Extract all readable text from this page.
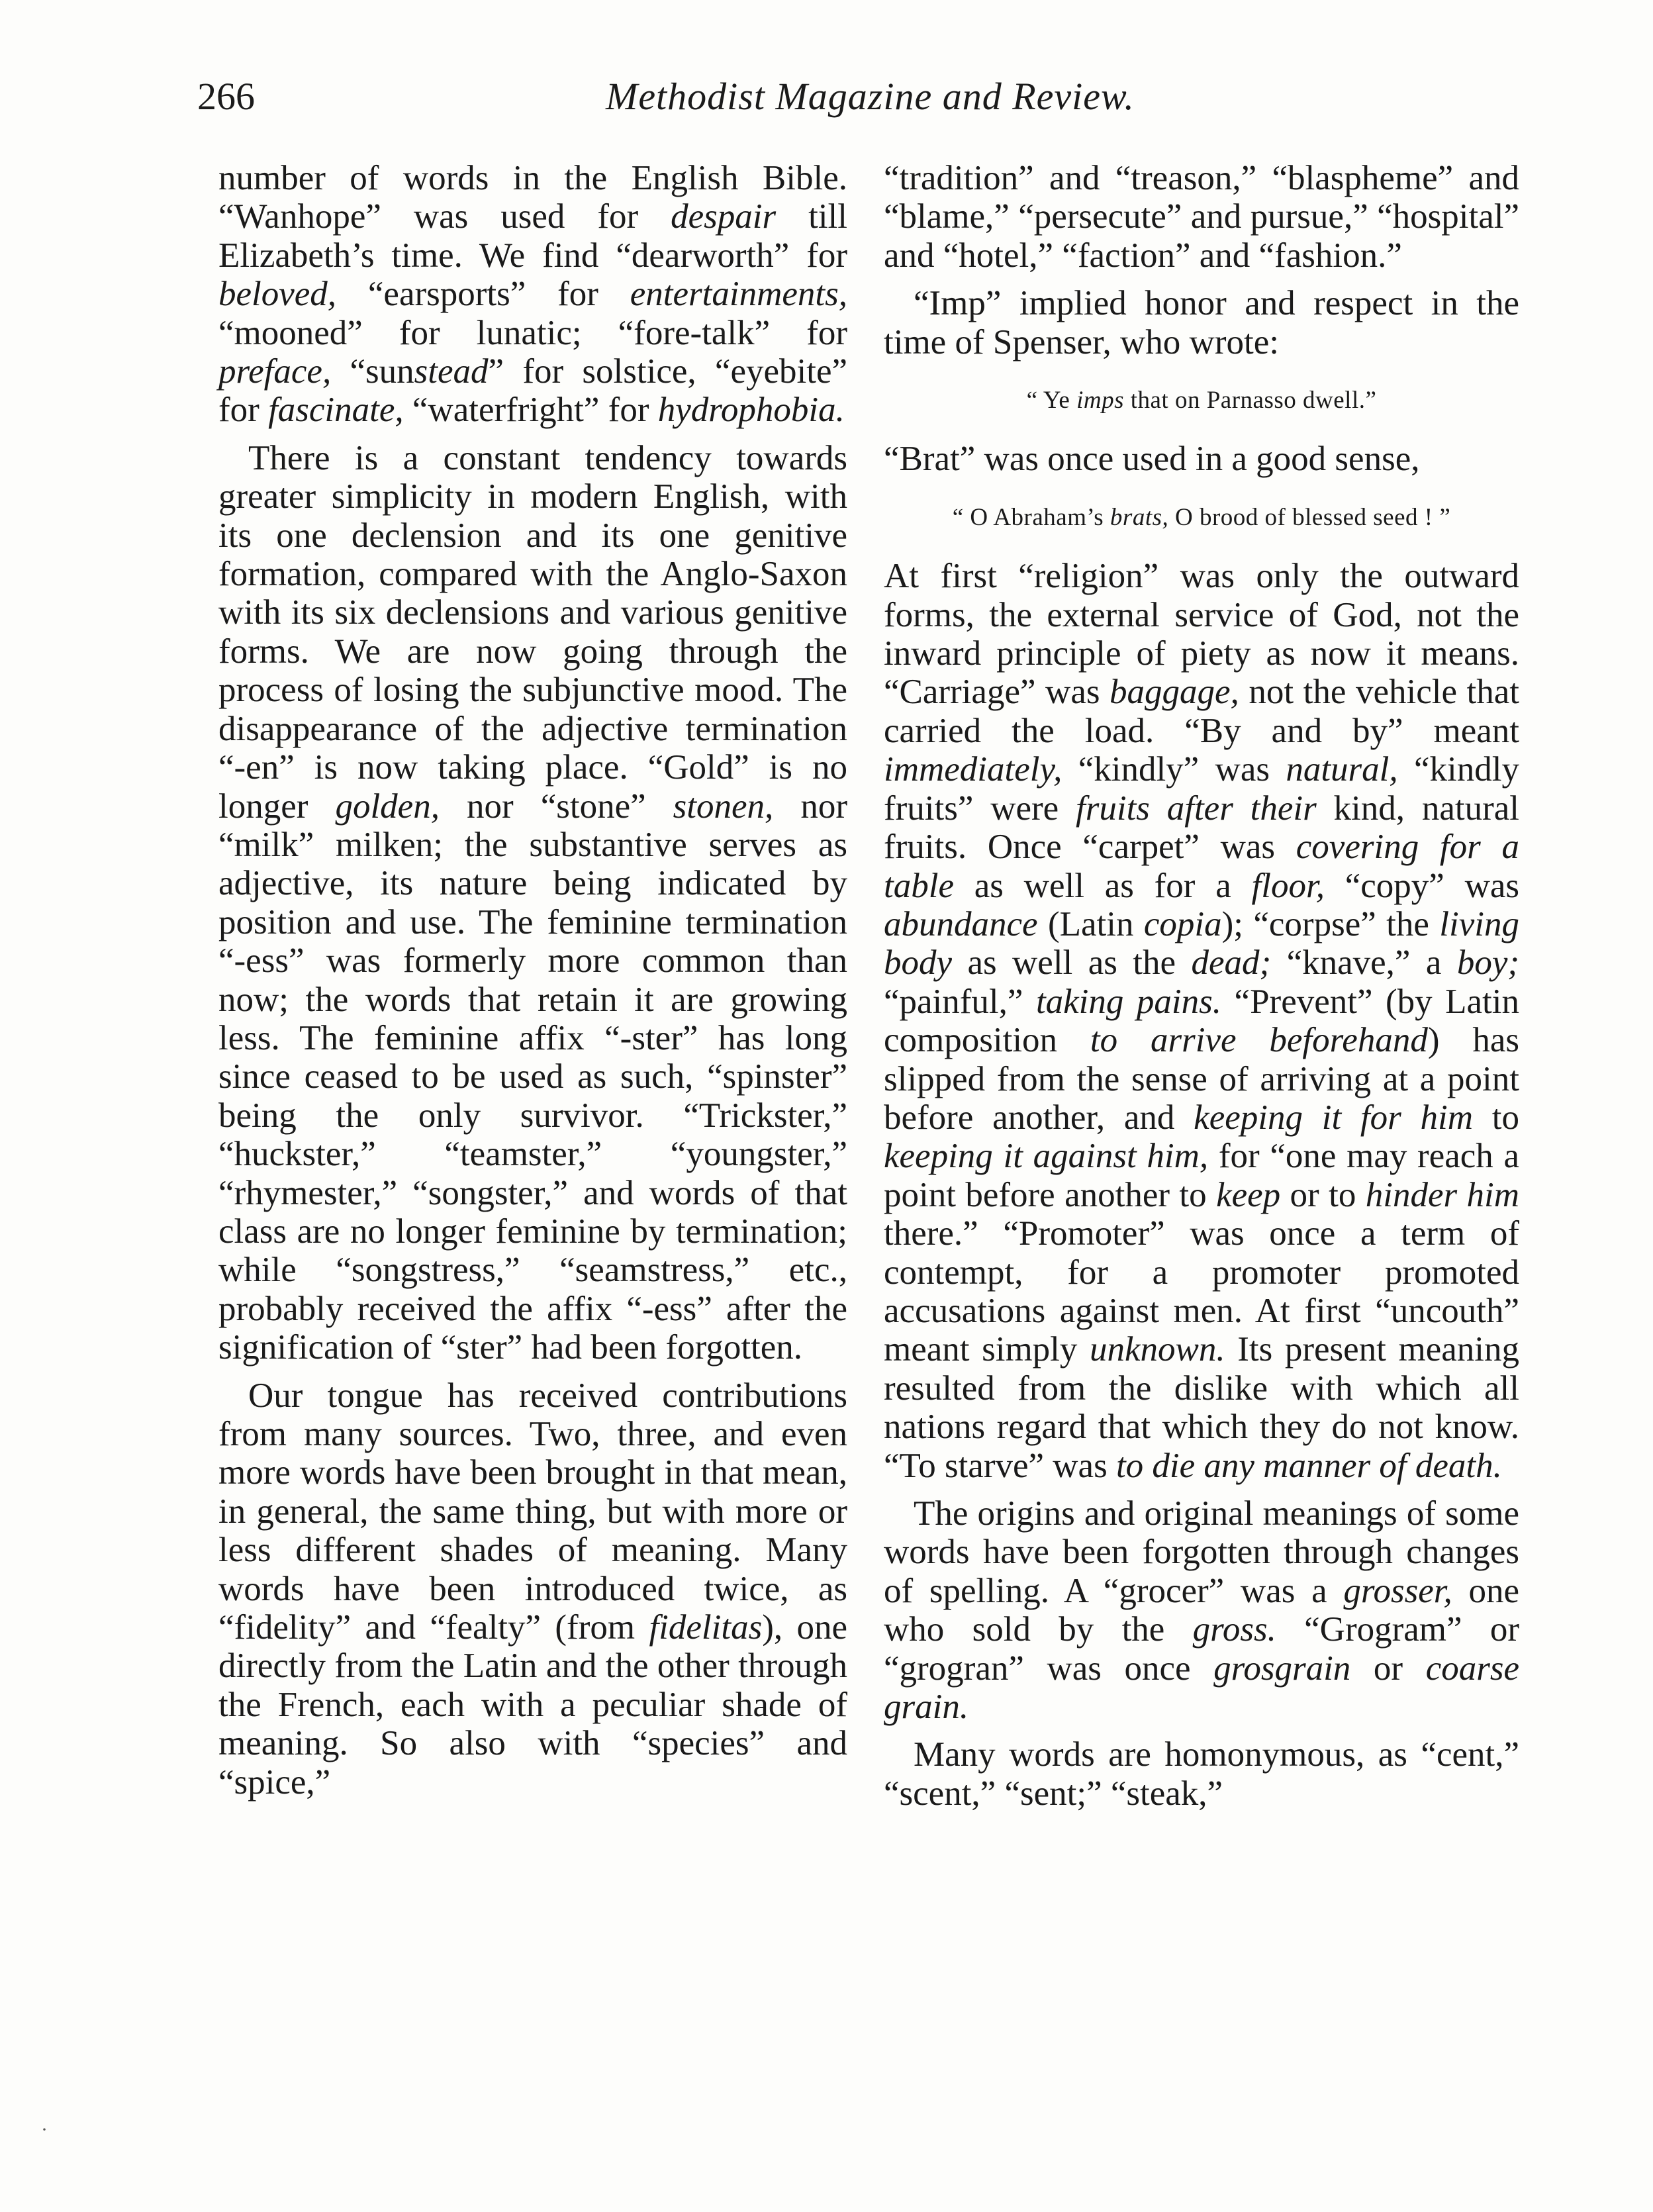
266	Methodist Magazine and Review.

number of words in the English Bible. “Wanhope” was used for despair till Elizabeth’s time. We find “dearworth” for beloved, “earsports” for entertainments, “mooned” for lunatic; “fore-talk” for preface, “sunstead” for solstice, “eyebite” for fascinate, “waterfright” for hydrophobia.

There is a constant tendency towards greater simplicity in modern English, with its one declension and its one genitive formation, compared with the Anglo-Saxon with its six declensions and various genitive forms. We are now going through the process of losing the subjunctive mood. The disappearance of the adjective termination “-en” is now taking place. “Gold” is no longer golden, nor “stone” stonen, nor “milk” milken; the substantive serves as adjective, its nature being indicated by position and use. The feminine termination “-ess” was formerly more common than now; the words that retain it are growing less. The feminine affix “-ster” has long since ceased to be used as such, “spinster” being the only survivor. “Trickster,” “huckster,” “teamster,” “youngster,” “rhymester,” “songster,” and words of that class are no longer feminine by termination; while “songstress,” “seamstress,” etc., probably received the affix “-ess” after the signification of “ster” had been forgotten.

Our tongue has received contributions from many sources. Two, three, and even more words have been brought in that mean, in general, the same thing, but with more or less different shades of meaning. Many words have been introduced twice, as “fidelity” and “fealty” (from fidelitas), one directly from the Latin and the other through the French, each with a peculiar shade of meaning. So also with “species” and “spice,”

“tradition” and “treason,” “blaspheme” and “blame,” “persecute” and pursue,” “hospital” and “hotel,” “faction” and “fashion.”

“Imp” implied honor and respect in the time of Spenser, who wrote:

“ Ye imps that on Parnasso dwell.”

“Brat” was once used in a good sense,

“ O Abraham’s brats, O brood of blessed seed ! ”

At first “religion” was only the outward forms, the external service of God, not the inward principle of piety as now it means. “Carriage” was baggage, not the vehicle that carried the load. “By and by” meant immediately, “kindly” was natural, “kindly fruits” were fruits after their kind, natural fruits. Once “carpet” was covering for a table as well as for a floor, “copy” was abundance (Latin copia); “corpse” the living body as well as the dead; “knave,” a boy; “painful,” taking pains. “Prevent” (by Latin composition to arrive beforehand) has slipped from the sense of arriving at a point before another, and keeping it for him to keeping it against him, for “one may reach a point before another to keep or to hinder him there.” “Promoter” was once a term of contempt, for a promoter promoted accusations against men. At first “uncouth” meant simply unknown. Its present meaning resulted from the dislike with which all nations regard that which they do not know. “To starve” was to die any manner of death.

The origins and original meanings of some words have been forgotten through changes of spelling. A “grocer” was a grosser, one who sold by the gross. “Grogram” or “grogran” was once grosgrain or coarse grain.

Many words are homonymous, as “cent,” “scent,” “sent;” “steak,”

·
